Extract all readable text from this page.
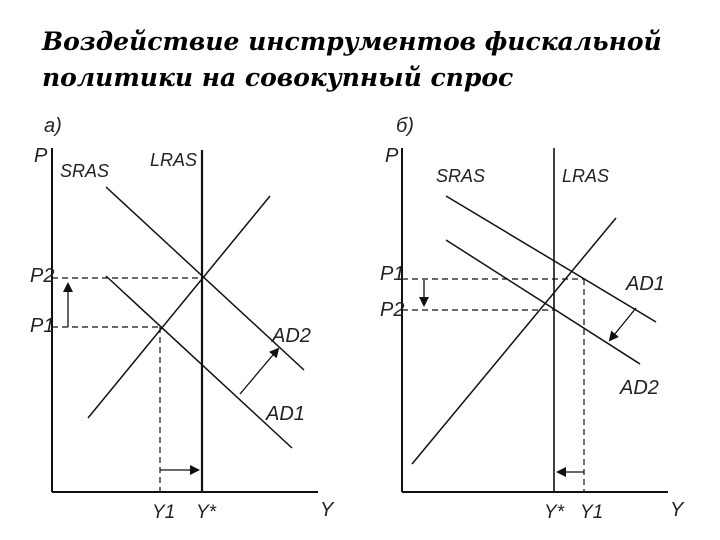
Воздействие инструментов фискальной
политики на совокупный спрос
а)
P
Y
LRAS
SRAS
AD2
AD1
P2
P1
Y1 Y*
б)
P
Y
LRAS
SRAS
AD1
AD2
P1
P2
Y* Y1
